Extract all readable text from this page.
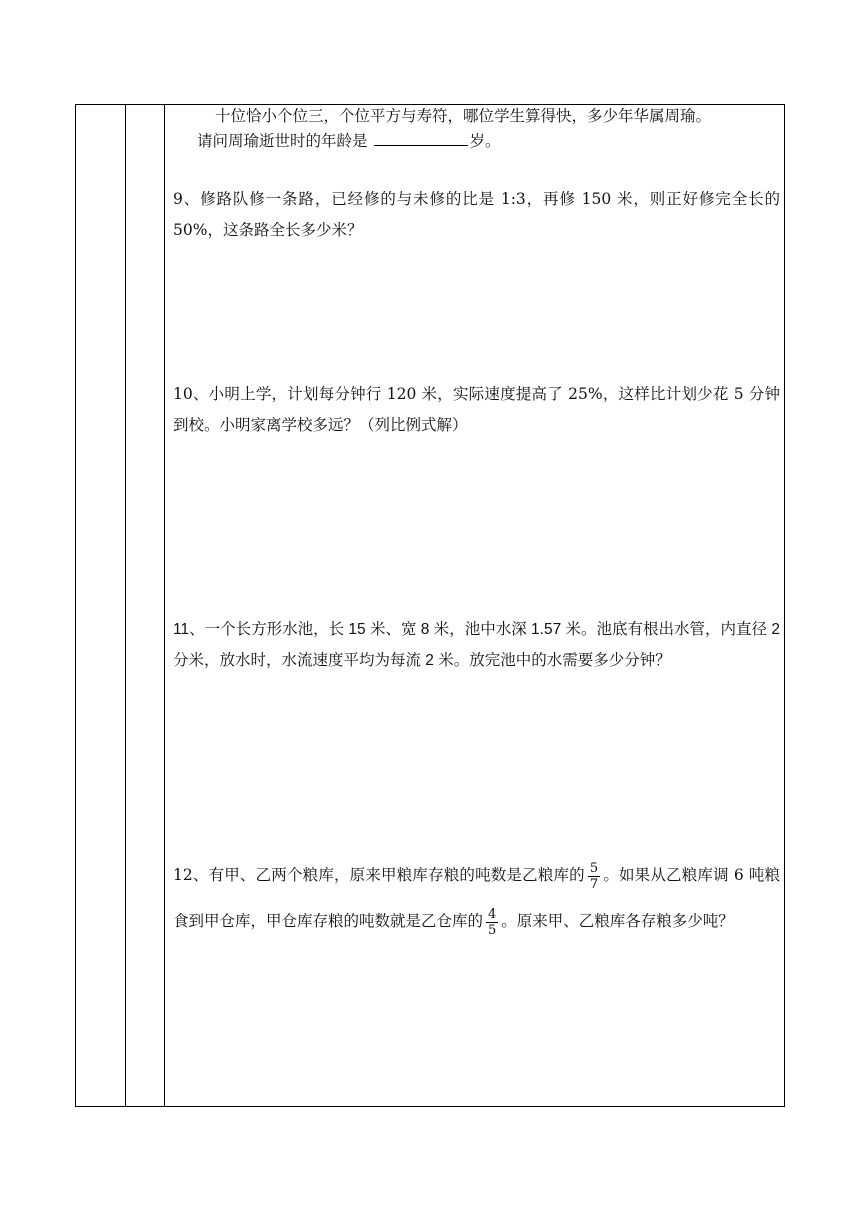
十位恰小个位三，个位平方与寿符，哪位学生算得快，多少年华属周瑜。
请问周瑜逝世时的年龄是	岁。
9、修路队修一条路，已经修的与未修的比是 1:3，再修 150 米，则正好修完全长的 50%，这条路全长多少米？
10、小明上学，计划每分钟行 120 米，实际速度提高了 25%，这样比计划少花 5 分钟到校。小明家离学校多远？（列比例式解）
11、一个长方形水池，长 15 米、宽 8 米，池中水深 1.57 米。池底有根出水管，内直径 2 分米，放水时，水流速度平均为每流 2 米。放完池中的水需要多少分钟？
12、有甲、乙两个粮库，原来甲粮库存粮的吨数是乙粮库的 $\frac{5}{7}$ 。如果从乙粮库调 6 吨粮食到甲仓库，甲仓库存粮的吨数就是乙仓库的 $\frac{4}{5}$ 。原来甲、乙粮库各存粮多少吨？
